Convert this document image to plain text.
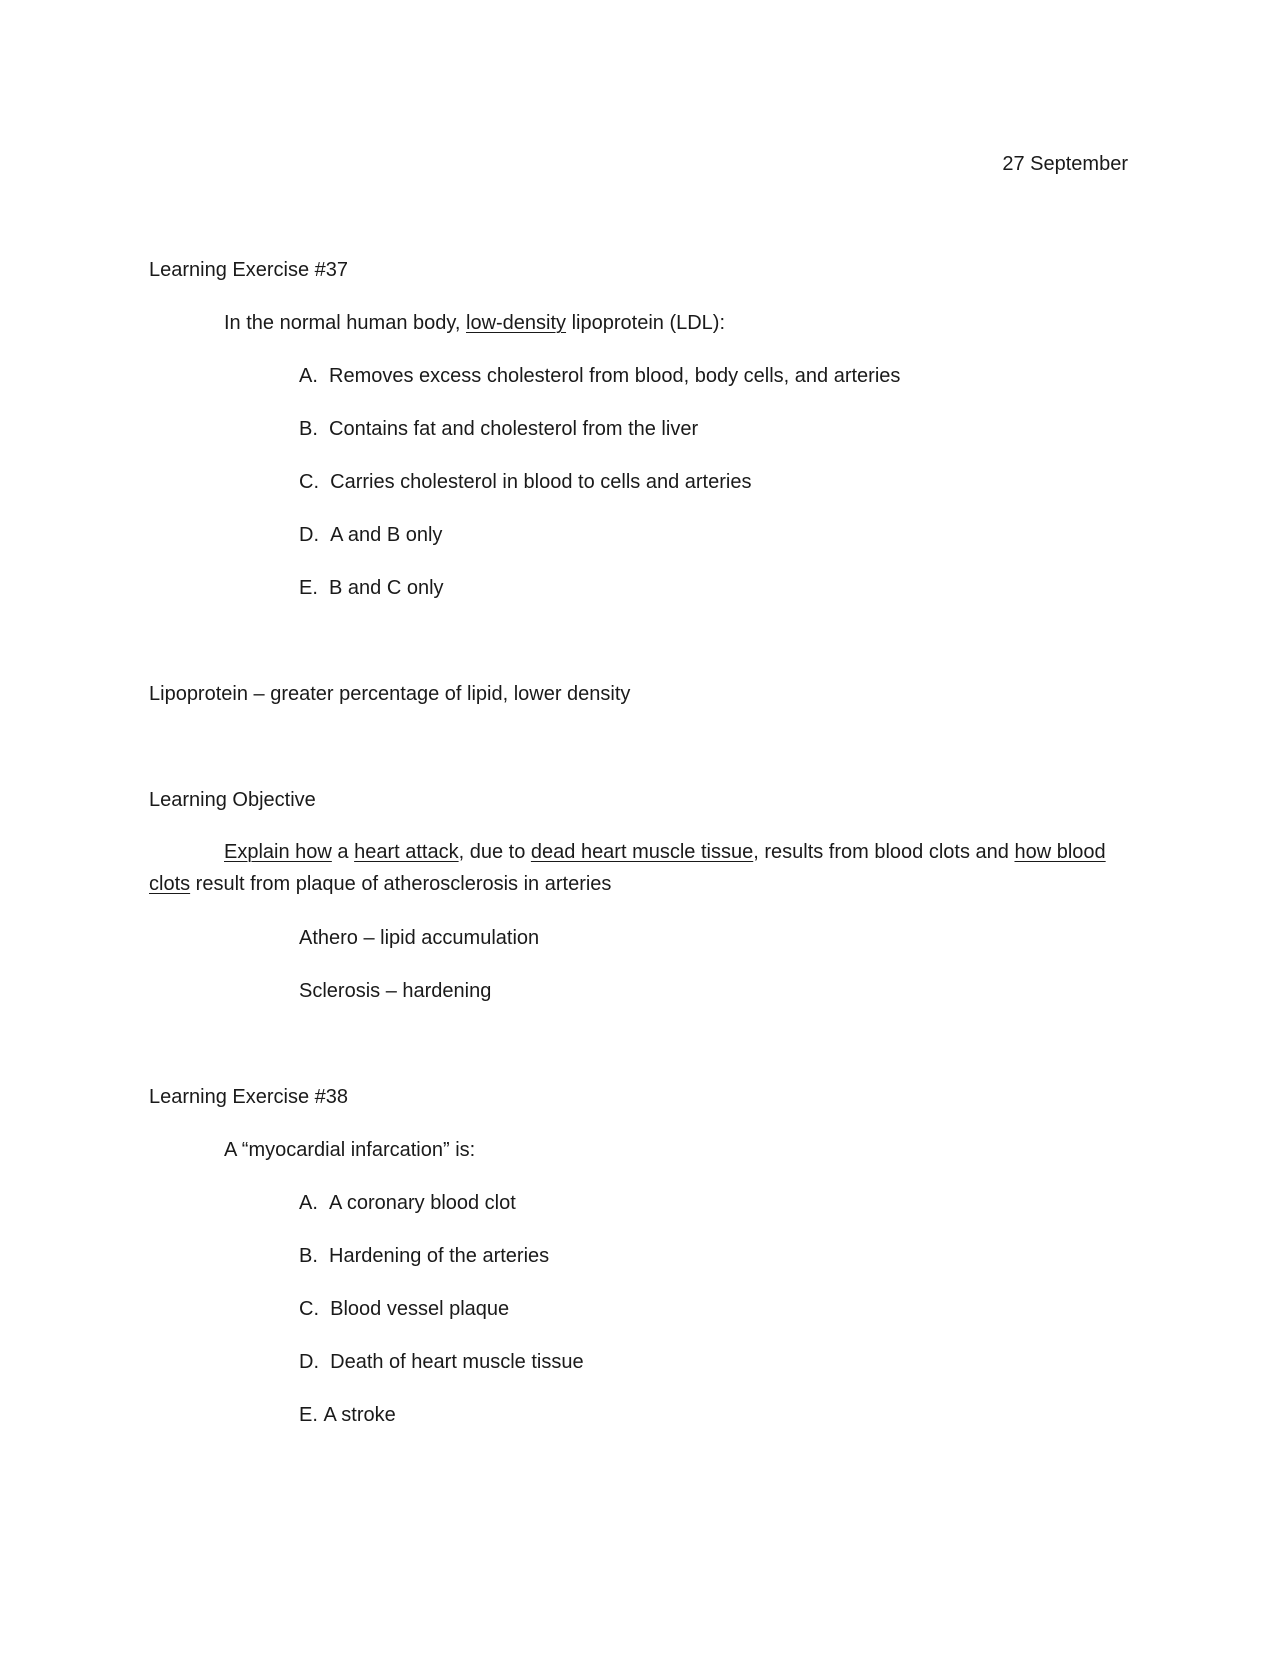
27 September
Learning Exercise #37
In the normal human body, low-density lipoprotein (LDL):
A. Removes excess cholesterol from blood, body cells, and arteries
B. Contains fat and cholesterol from the liver
C. Carries cholesterol in blood to cells and arteries
D. A and B only
E. B and C only
Lipoprotein – greater percentage of lipid, lower density
Learning Objective
Explain how a heart attack, due to dead heart muscle tissue, results from blood clots and how blood clots result from plaque of atherosclerosis in arteries
Athero – lipid accumulation
Sclerosis – hardening
Learning Exercise #38
A “myocardial infarcation” is:
A. A coronary blood clot
B. Hardening of the arteries
C. Blood vessel plaque
D. Death of heart muscle tissue
E. A stroke
